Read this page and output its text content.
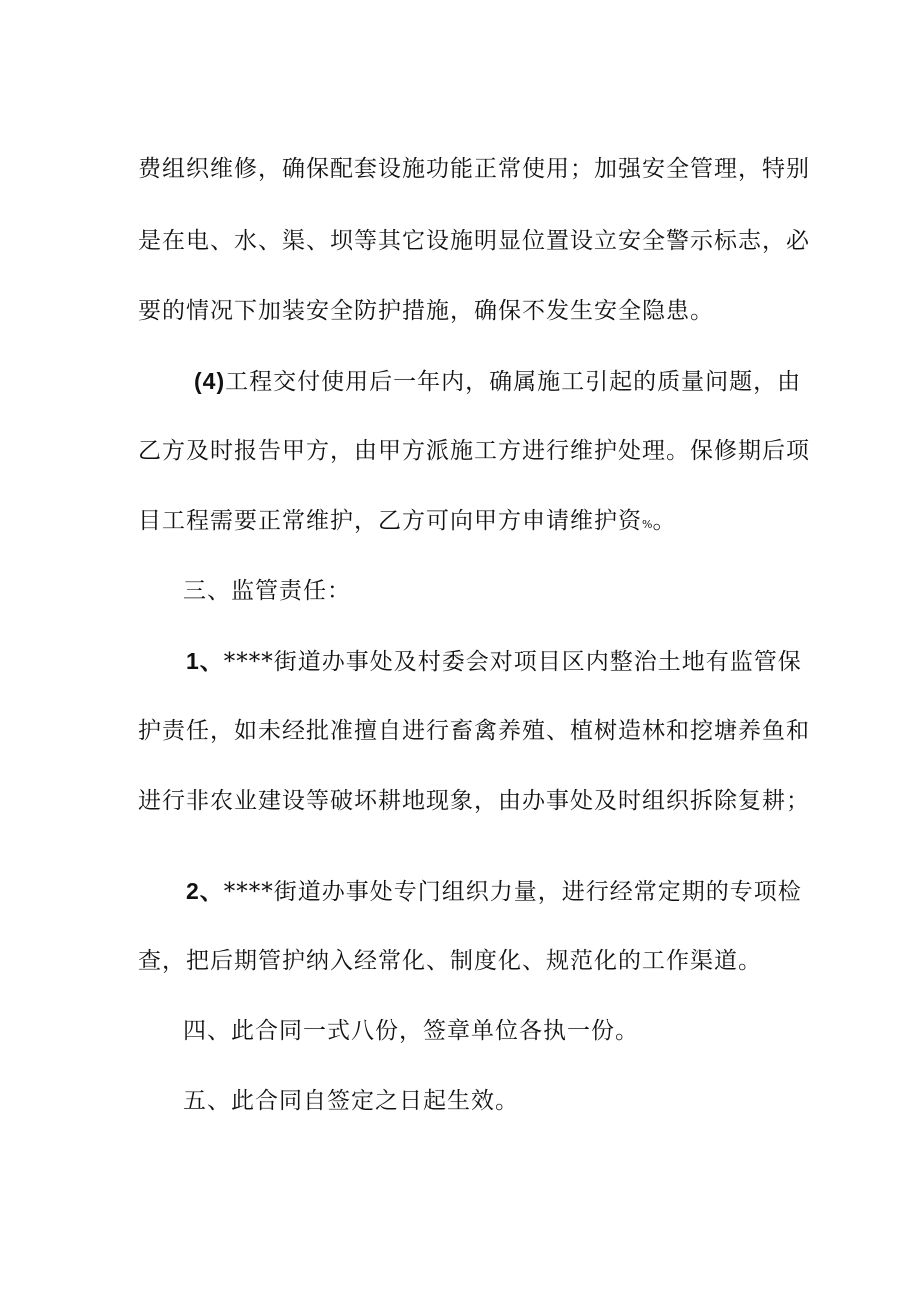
费组织维修，确保配套设施功能正常使用；加强安全管理，特别
是在电、水、渠、坝等其它设施明显位置设立安全警示标志，必
要的情况下加装安全防护措施，确保不发生安全隐患。
(4)工程交付使用后一年内，确属施工引起的质量问题，由
乙方及时报告甲方，由甲方派施工方进行维护处理。保修期后项
目工程需要正常维护，乙方可向甲方申请维护资%。
三、监管责任：
1、****街道办事处及村委会对项目区内整治土地有监管保
护责任，如未经批准擅自进行畜禽养殖、植树造林和挖塘养鱼和
进行非农业建设等破坏耕地现象，由办事处及时组织拆除复耕；
2、****街道办事处专门组织力量，进行经常定期的专项检
查，把后期管护纳入经常化、制度化、规范化的工作渠道。
四、此合同一式八份，签章单位各执一份。
五、此合同自签定之日起生效。
